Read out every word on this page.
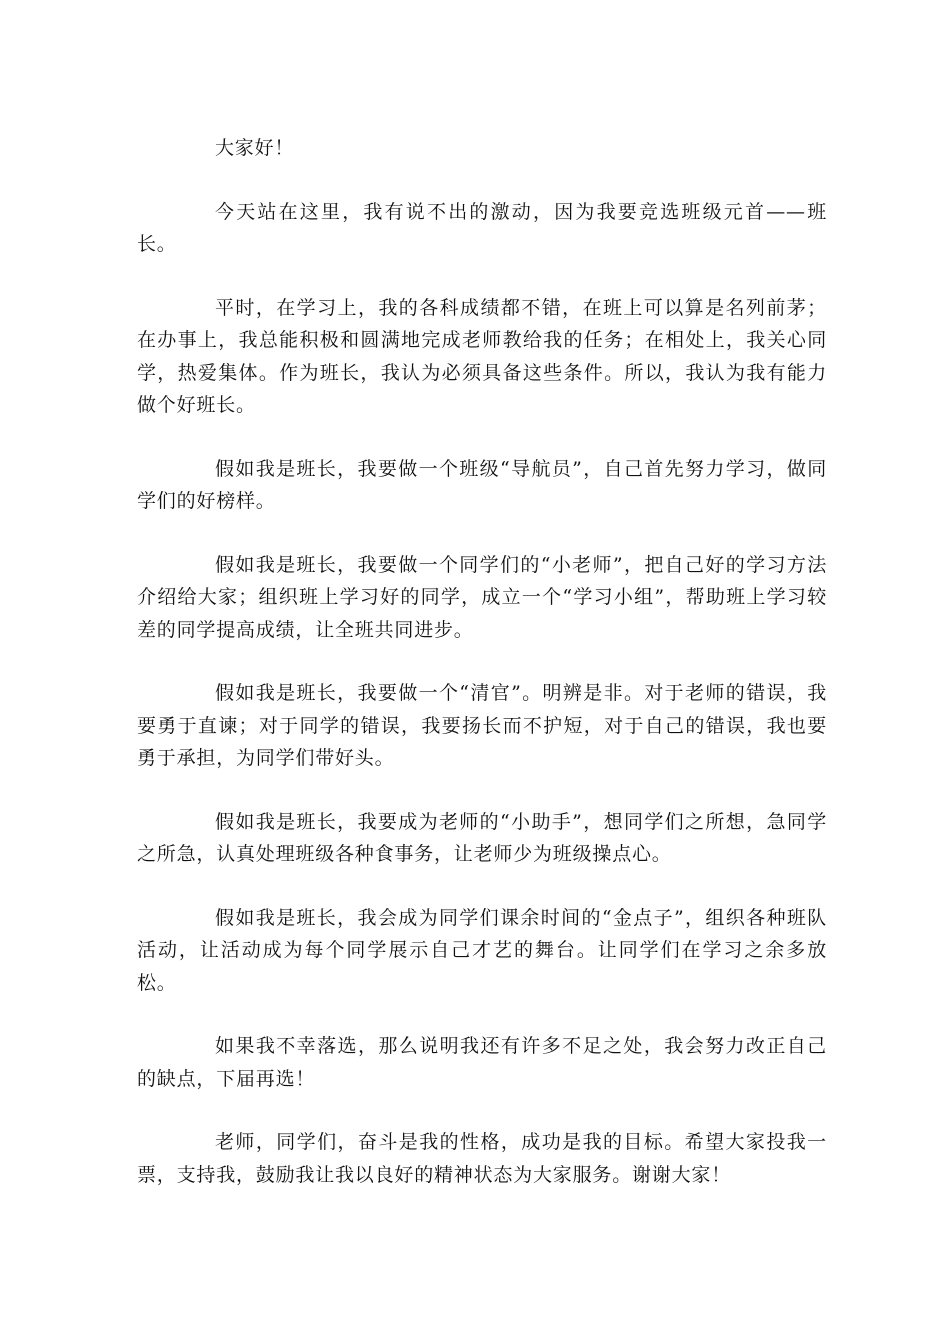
大家好！

今天站在这里，我有说不出的激动，因为我要竞选班级元首——班长。

平时，在学习上，我的各科成绩都不错，在班上可以算是名列前茅；在办事上，我总能积极和圆满地完成老师教给我的任务；在相处上，我关心同学，热爱集体。作为班长，我认为必须具备这些条件。所以，我认为我有能力做个好班长。

假如我是班长，我要做一个班级“导航员”，自己首先努力学习，做同学们的好榜样。

假如我是班长，我要做一个同学们的“小老师”，把自己好的学习方法介绍给大家；组织班上学习好的同学，成立一个“学习小组”，帮助班上学习较差的同学提高成绩，让全班共同进步。

假如我是班长，我要做一个“清官”。明辨是非。对于老师的错误，我要勇于直谏；对于同学的错误，我要扬长而不护短，对于自己的错误，我也要勇于承担，为同学们带好头。

假如我是班长，我要成为老师的“小助手”，想同学们之所想，急同学之所急，认真处理班级各种食事务，让老师少为班级操点心。

假如我是班长，我会成为同学们课余时间的“金点子”，组织各种班队活动，让活动成为每个同学展示自己才艺的舞台。让同学们在学习之余多放松。

如果我不幸落选，那么说明我还有许多不足之处，我会努力改正自己的缺点，下届再选！

老师，同学们，奋斗是我的性格，成功是我的目标。希望大家投我一票，支持我，鼓励我让我以良好的精神状态为大家服务。谢谢大家！
